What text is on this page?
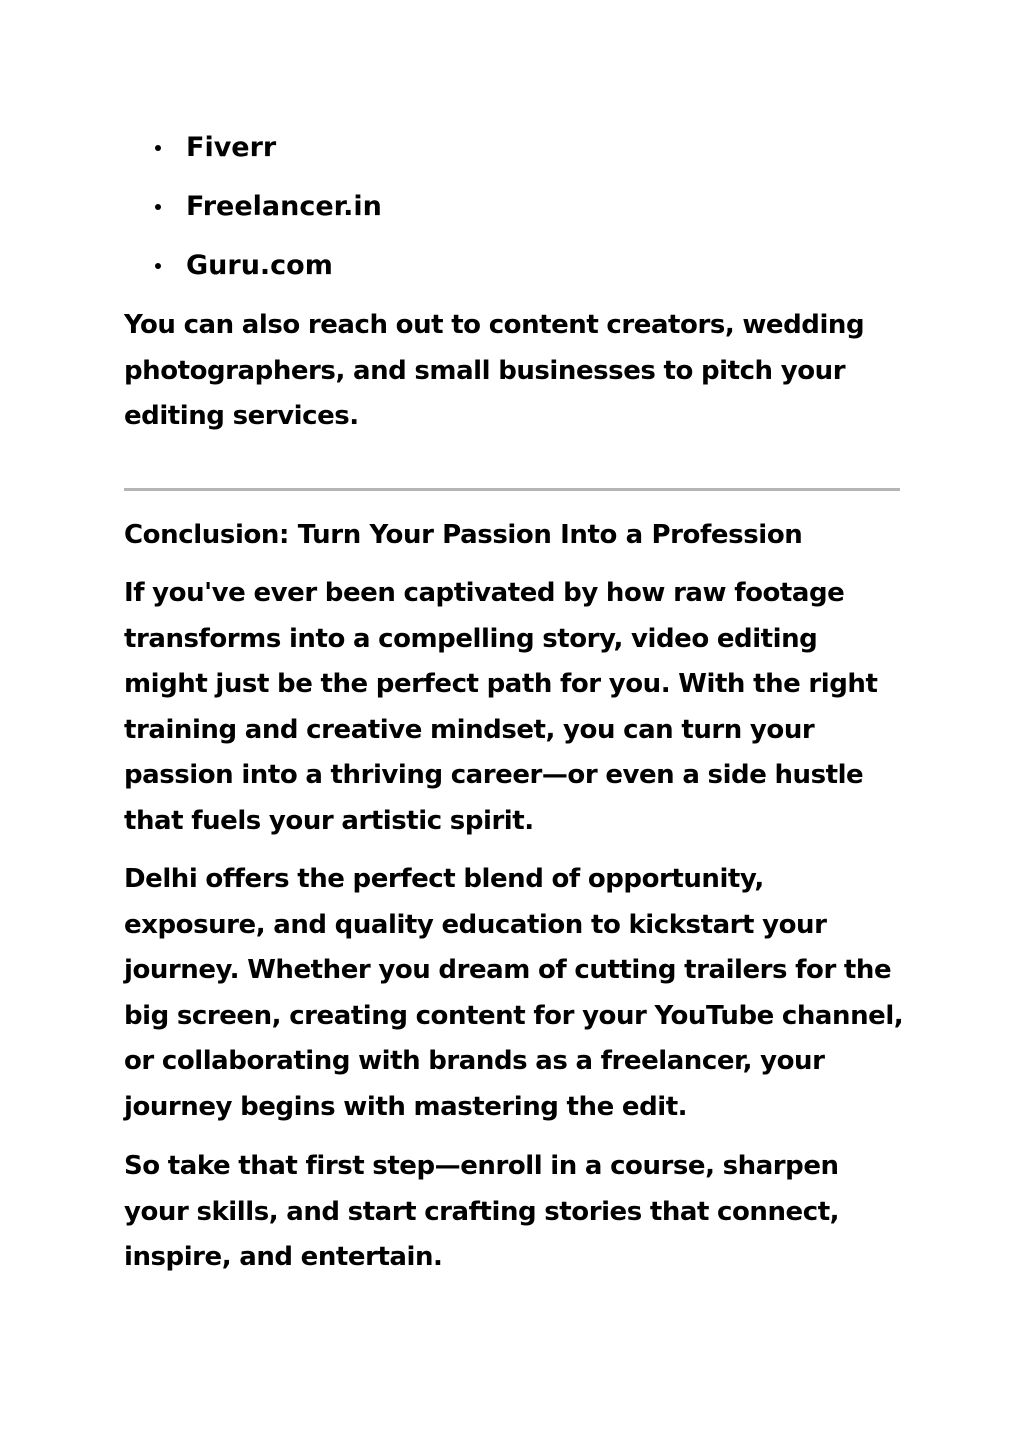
Fiverr
Freelancer.in
Guru.com

You can also reach out to content creators, wedding
photographers, and small businesses to pitch your
editing services.

Conclusion: Turn Your Passion Into a Profession

If you've ever been captivated by how raw footage
transforms into a compelling story, video editing
might just be the perfect path for you. With the right
training and creative mindset, you can turn your
passion into a thriving career—or even a side hustle
that fuels your artistic spirit.

Delhi offers the perfect blend of opportunity,
exposure, and quality education to kickstart your
journey. Whether you dream of cutting trailers for the
big screen, creating content for your YouTube channel,
or collaborating with brands as a freelancer, your
journey begins with mastering the edit.

So take that first step—enroll in a course, sharpen
your skills, and start crafting stories that connect,
inspire, and entertain.
